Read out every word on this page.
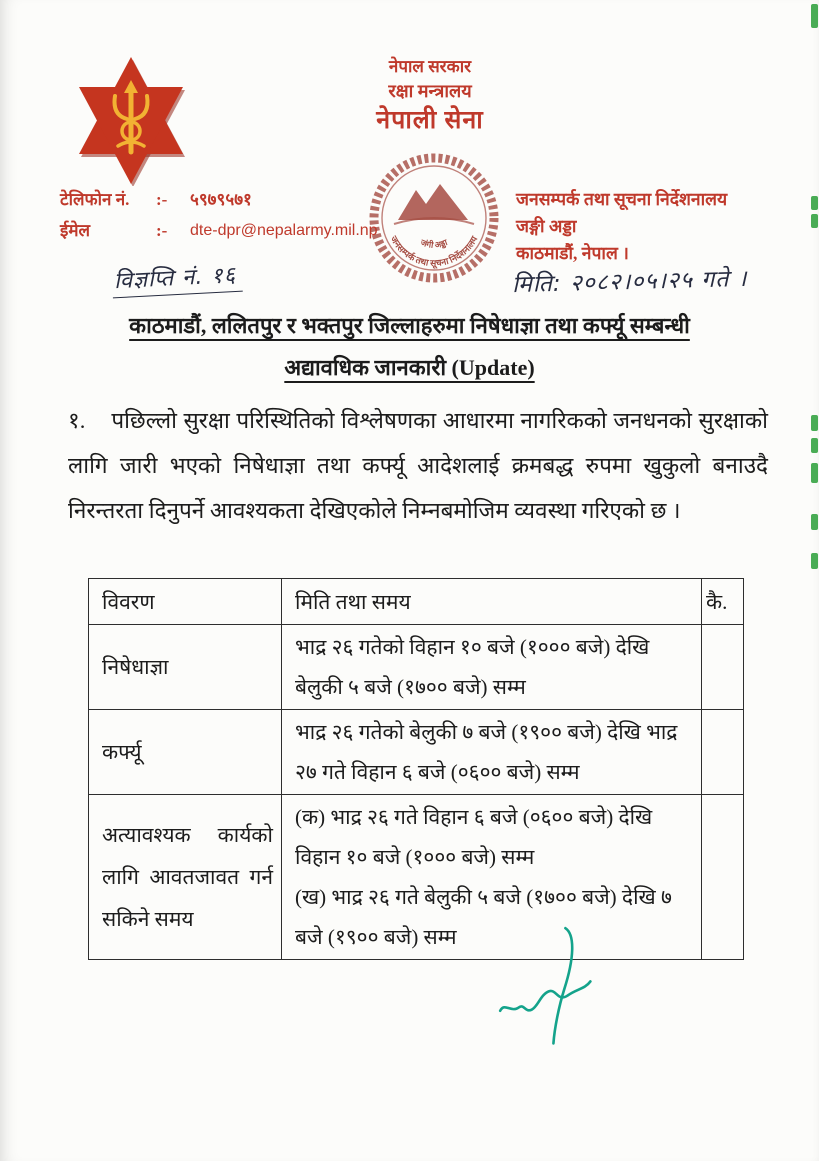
नेपाल सरकार
रक्षा मन्त्रालय
नेपाली सेना
जनसम्पर्क तथा सूचना निर्देशनालय
जंगी अड्डा
टेलिफोन नं.	:-	५९७९५७१
ईमेल	:-	dte-dpr@nepalarmy.mil.np
जनसम्पर्क तथा सूचना निर्देशनालय
जङ्गी अड्डा
काठमाडौं, नेपाल ।
विज्ञप्ति नं. १६	मिति: २०८२।०५।२५ गते ।
काठमाडौं, ललितपुर र भक्तपुर जिल्लाहरुमा निषेधाज्ञा तथा कर्फ्यू सम्बन्धी
अद्यावधिक जानकारी (Update)
१. पछिल्लो सुरक्षा परिस्थितिको विश्लेषणका आधारमा नागरिकको जनधनको सुरक्षाको लागि जारी भएको निषेधाज्ञा तथा कर्फ्यू आदेशलाई क्रमबद्ध रुपमा खुकुलो बनाउदै निरन्तरता दिनुपर्ने आवश्यकता देखिएकोले निम्नबमोजिम व्यवस्था गरिएको छ ।
विवरण	मिति तथा समय	कै.
निषेधाज्ञा	भाद्र २६ गतेको विहान १० बजे (१००० बजे) देखि बेलुकी ५ बजे (१७०० बजे) सम्म	
कर्फ्यू	भाद्र २६ गतेको बेलुकी ७ बजे (१९०० बजे) देखि भाद्र २७ गते विहान ६ बजे (०६०० बजे) सम्म	
अत्यावश्यक कार्यको लागि आवतजावत गर्न सकिने समय	(क) भाद्र २६ गते विहान ६ बजे (०६०० बजे) देखि विहान १० बजे (१००० बजे) सम्म
(ख) भाद्र २६ गते बेलुकी ५ बजे (१७०० बजे) देखि ७ बजे (१९०० बजे) सम्म	
